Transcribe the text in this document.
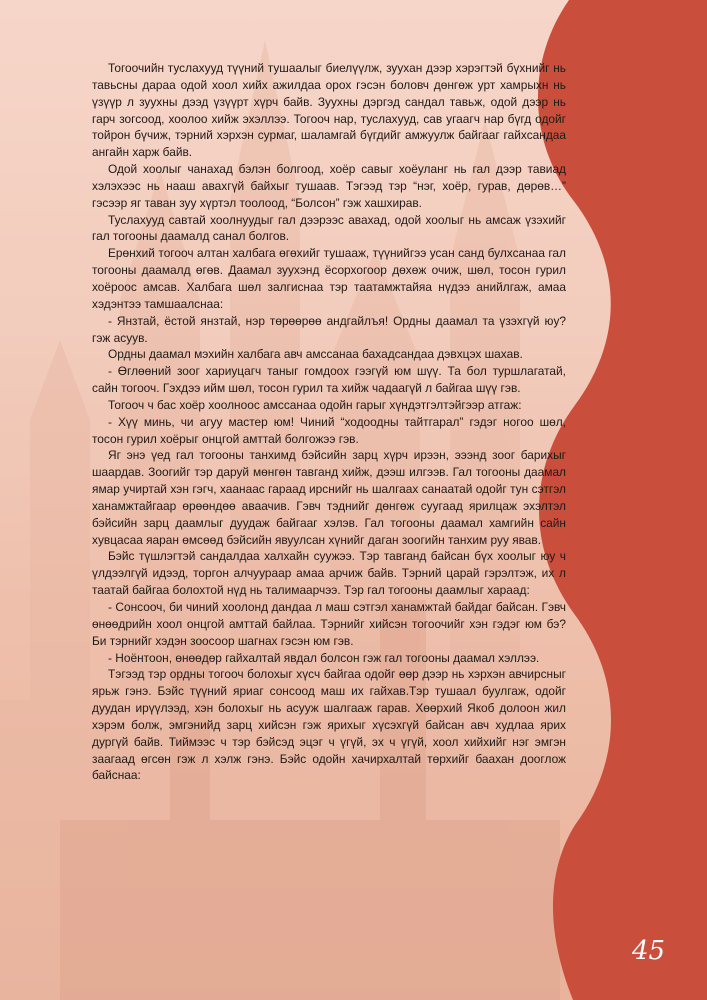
Тогоочийн туслахууд түүний тушаалыг биелүүлж, зуухан дээр хэрэгтэй бүхнийг нь тавьсны дараа одой хоол хийх ажилдаа орох гэсэн боловч дөнгөж урт хамрыхн нь үзүүр л зуухны дээд үзүүрт хүрч байв. Зуухны дэргэд сандал тавьж, одой дээр нь гарч зогсоод, хоолоо хийж эхэллээ. Тогооч нар, туслахууд, сав угаагч нар бүгд одойг тойрон бүчиж, тэрний хэрхэн сурмаг, шаламгай бүгдийг амжуулж байгааг гайхсандаа ангайн харж байв.

Одой хоолыг чанахад бэлэн болгоод, хоёр савыг хоёуланг нь гал дээр тавиад хэлэхээс нь нааш авахгүй байхыг тушаав. Тэгээд тэр “нэг, хоёр, гурав, дөрөв…” гэсээр яг таван зуу хүртэл тоолоод, “Болсон” гэж хашхирав.

Туслахууд савтай хоолнуудыг гал дээрээс авахад, одой хоолыг нь амсаж үзэхийг гал тогооны даамалд санал болгов.

Ерөнхий тогооч алтан халбага өгөхийг тушааж, түүнийгээ усан санд булхсанаа гал тогооны даамалд өгөв. Даамал зуухэнд ёсорхогоор дөхөж очиж, шөл, тосон гурил хоёроос амсав. Халбага шөл залгиснаа тэр таатамжтайяа нүдээ анийлгаж, амаа хэдэнтээ тамшаалснаа:

- Янзтай, ёстой янзтай, нэр төрөөрөө андгайлъя! Ордны даамал та үзэхгүй юу? гэж асуув.

Ордны даамал мэхийн халбага авч амссанаа бахадсандаа дэвхцэх шахав.

- Өглөөний зоог хариуцагч таныг гомдоох гээгүй юм шүү. Та бол туршлагатай, сайн тогооч. Гэхдээ ийм шөл, тосон гурил та хийж чадаагүй л байгаа шүү гэв.

Тогооч ч бас хоёр хоолноос амссанаа одойн гарыг хүндэтгэлтэйгээр атгаж:

- Хүү минь, чи агуу мастер юм! Чиний “ходоодны тайтгарал” гэдэг ногоо шөл, тосон гурил хоёрыг онцгой амттай болгожээ гэв.

Яг энэ үед гал тогооны танхимд бэйсийн зарц хүрч ирээн, эээнд зоог барихыг шаардав. Зоогийг тэр даруй мөнгөн тавганд хийж, дээш илгээв. Гал тогооны даамал ямар учиртай хэн гэгч, хаанаас гараад ирснийг нь шалгаах санаатай одойг тун сэтгэл ханамжтайгаар өрөөндөө аваачив. Гэвч тэднийг дөнгөж суугаад ярилцаж эхэлтэл бэйсийн зарц даамлыг дуудаж байгааг хэлэв. Гал тогооны даамал хамгийн сайн хувцасаа яаран өмсөөд бэйсийн явуулсан хүнийг даган зоогийн танхим руу явав.

Бэйс түшлэгтэй сандалдаа халхайн суужээ. Тэр тавганд байсан бүх хоолыг юу ч үлдээлгүй идээд, торгон алчуураар амаа арчиж байв. Тэрний царай гэрэлтэж, их л таатай байгаа болохтой нүд нь талимаарчээ. Тэр гал тогооны даамлыг хараад:

- Сонсооч, би чиний хоолонд дандаа л маш сэтгэл ханамжтай байдаг байсан. Гэвч өнөөдрийн хоол онцгой амттай байлаа. Тэрнийг хийсэн тогоочийг хэн гэдэг юм бэ? Би тэрнийг хэдэн зоосоор шагнах гэсэн юм гэв.

- Ноёнтоон, өнөөдөр гайхалтай явдал болсон гэж гал тогооны даамал хэллээ.

Тэгээд тэр ордны тогооч болохыг хүсч байгаа одойг өөр дээр нь хэрхэн авчирсныг ярьж гэнэ. Бэйс түүний яриаг сонсоод маш их гайхав.Тэр тушаал буулгаж, одойг дуудан ирүүлээд, хэн болохыг нь асууж шалгааж гарав. Хөөрхий Якоб долоон жил хэрэм болж, эмгэнийд зарц хийсэн гэж ярихыг хүсэхгүй байсан авч худлаа ярих дургүй байв. Тиймээс ч тэр бэйсэд эцэг ч үгүй, эх ч үгүй, хоол хийхийг нэг эмгэн заагаад өгсөн гэж л хэлж гэнэ. Бэйс одойн хачирхалтай төрхийг баахан дооглож байснаа:

45
